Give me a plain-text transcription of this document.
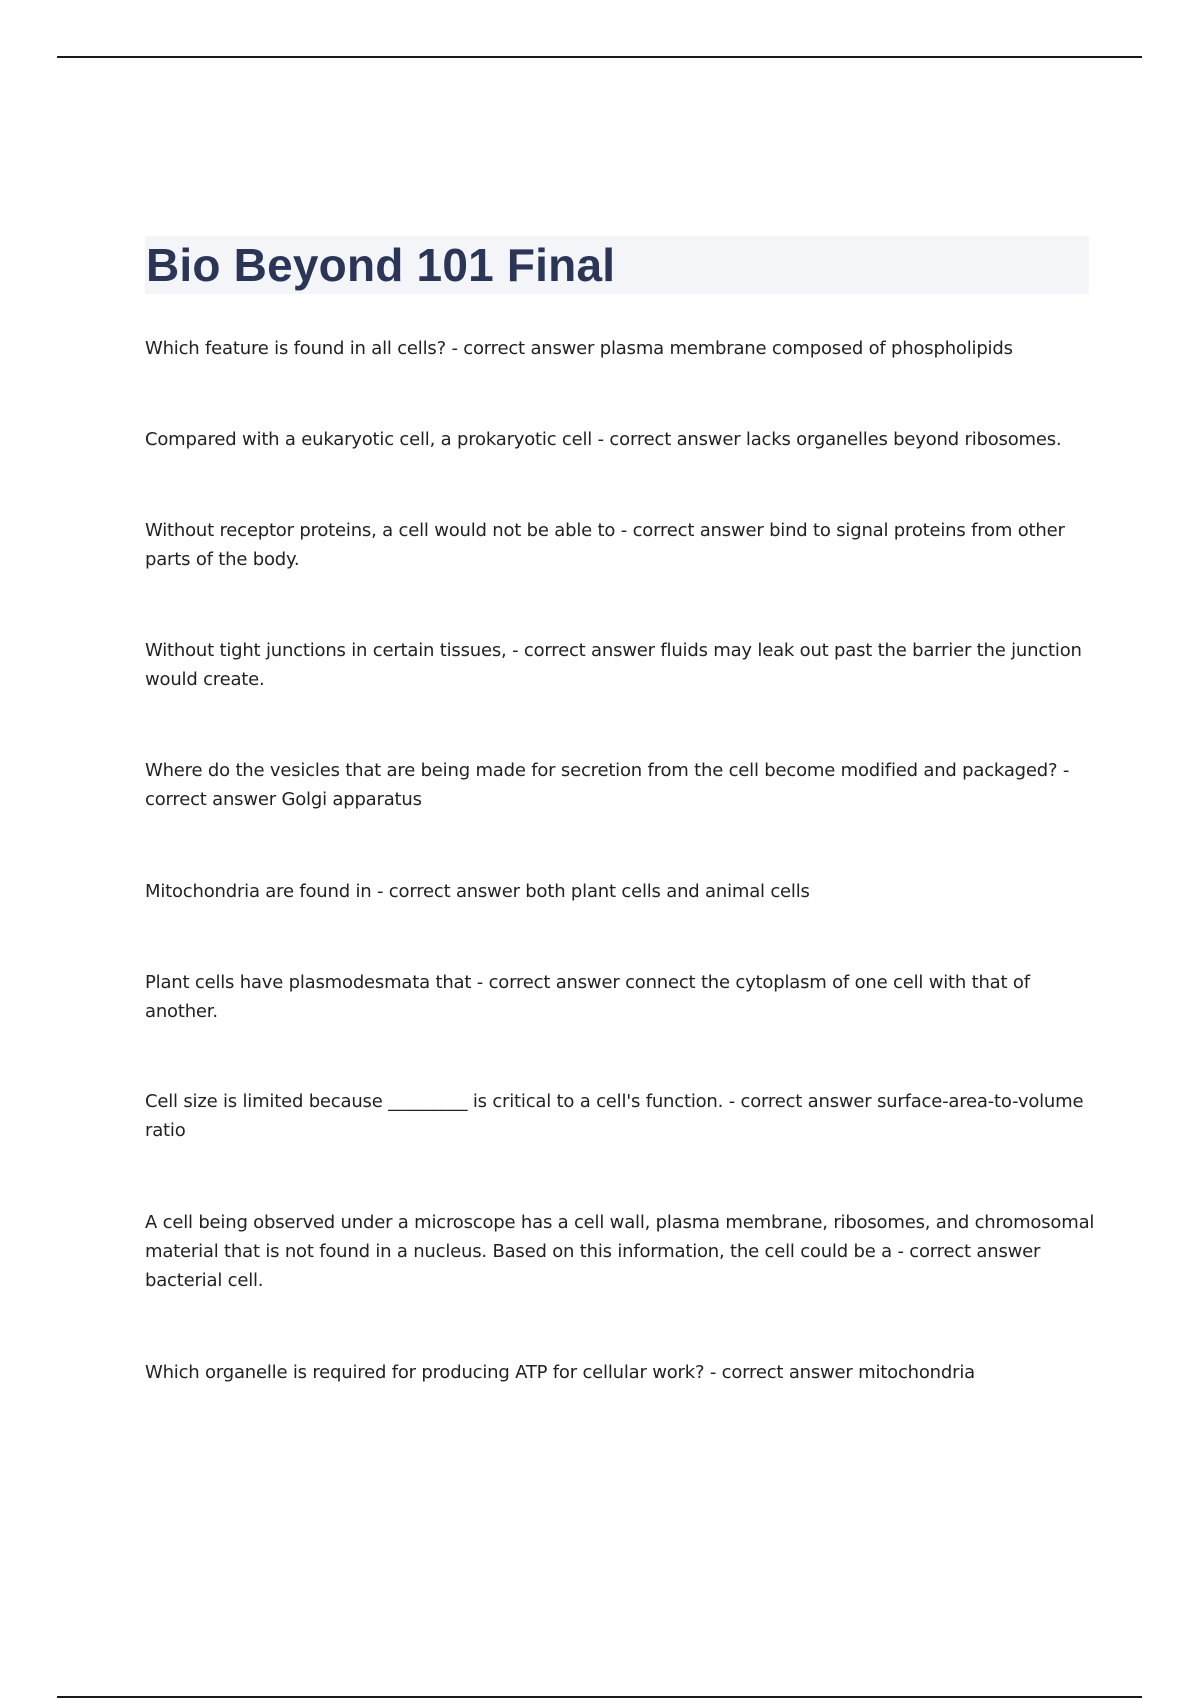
Bio Beyond 101 Final

Which feature is found in all cells? - correct answer plasma membrane composed of phospholipids

Compared with a eukaryotic cell, a prokaryotic cell - correct answer lacks organelles beyond ribosomes.

Without receptor proteins, a cell would not be able to - correct answer bind to signal proteins from other parts of the body.

Without tight junctions in certain tissues, - correct answer fluids may leak out past the barrier the junction would create.

Where do the vesicles that are being made for secretion from the cell become modified and packaged? - correct answer Golgi apparatus

Mitochondria are found in - correct answer both plant cells and animal cells

Plant cells have plasmodesmata that - correct answer connect the cytoplasm of one cell with that of another.

Cell size is limited because _________ is critical to a cell's function. - correct answer surface-area-to-volume ratio

A cell being observed under a microscope has a cell wall, plasma membrane, ribosomes, and chromosomal material that is not found in a nucleus. Based on this information, the cell could be a - correct answer bacterial cell.

Which organelle is required for producing ATP for cellular work? - correct answer mitochondria
